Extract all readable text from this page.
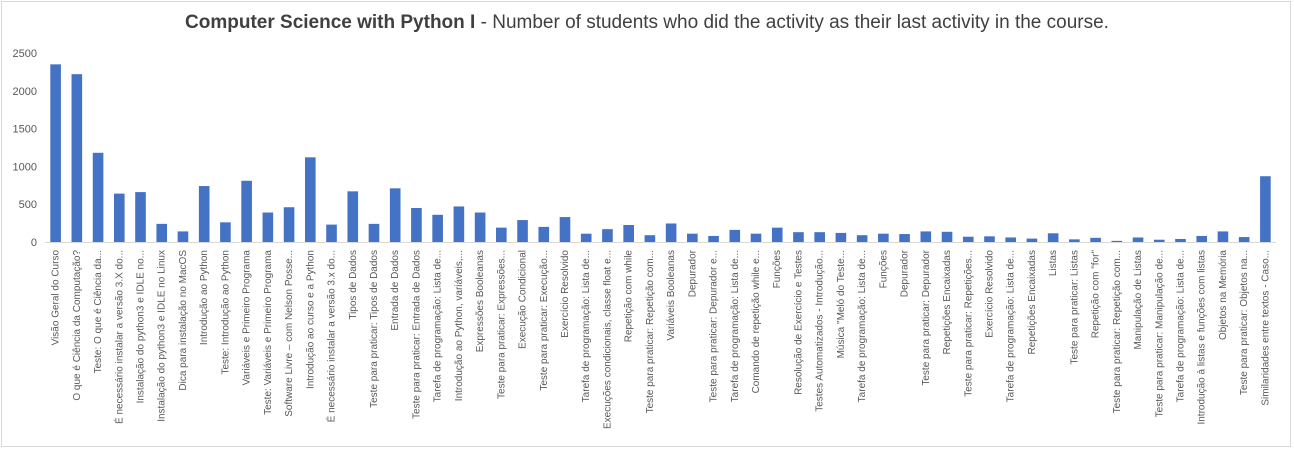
Computer Science with Python I - Number of students who did the activity as their last activity in the course.
0
500
1000
1500
2000
2500
Visão Geral do Curso O que é Ciência da Computação? Teste: O que é Ciência da... É necessário instalar a versão 3.X do... Instalação do python3 e IDLE no... Instalação do python3 e IDLE no Linux Dica para instalação no MacOS Introdução ao Python Teste: Introdução ao Python Variáveis e Primeiro Programa Teste: Variáveis e Primeiro Programa Software Livre – com Nelson Posse... Introdução ao curso e a Python É necessário instalar a versão 3.x do... Tipos de Dados Teste para praticar: Tipos de Dados Entrada de Dados Teste para praticar: Entrada de Dados Tarefa de programação: Lista de... Introdução ao Python, variáveis,... Expressões Booleanas Teste para praticar: Expressões... Execução Condicional Teste para praticar: Execução... Exercício Resolvido Tarefa de programação: Lista de... Execuções condicionais, classe float e... Repetição com while Teste para praticar: Repetição com... Variáveis Booleanas Depurador Teste para praticar: Depurador e... Tarefa de programação: Lista de... Comando de repetição while e... Funções Resolução de Exercício e Testes Testes Automatizados - Introdução... Música "Meló do Teste... Tarefa de programação: Lista de... Funções Depurador Teste para praticar: Depurador Repetições Encaixadas Teste para praticar: Repetições... Exercício Resolvido Tarefa de programação: Lista de... Repetições Encaixadas Listas Teste para praticar: Listas Repetição com "for" Teste para praticar: Repetição com... Manipulação de Listas Teste para praticar: Manipulação de... Tarefa de programação: Lista de... Introdução à listas e funções com listas Objetos na Memória Teste para praticar: Objetos na... Similaridades entre textos - Caso...
